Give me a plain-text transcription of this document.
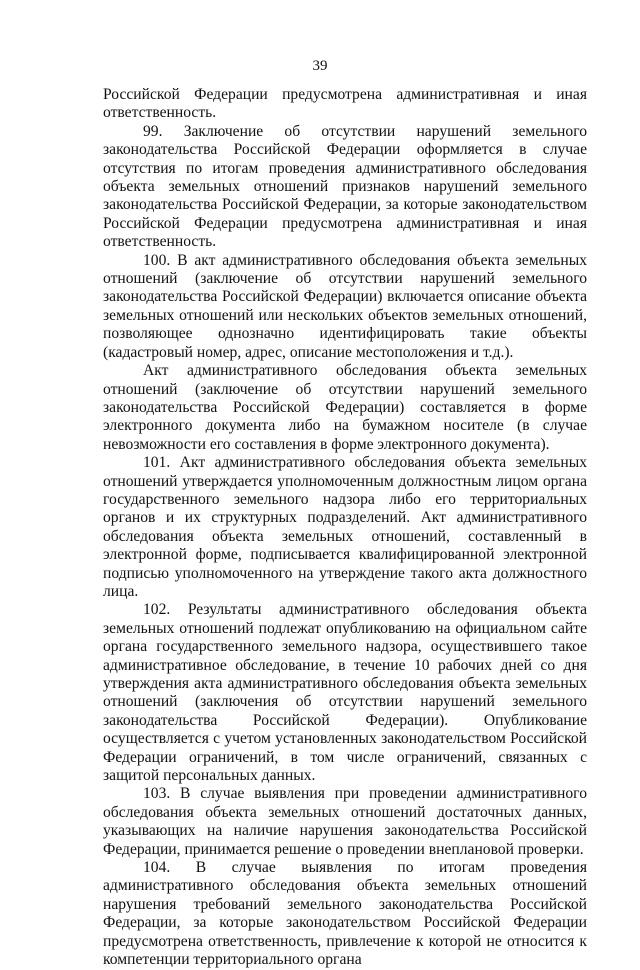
39

Российской Федерации предусмотрена административная и иная ответственность.

99. Заключение об отсутствии нарушений земельного законодательства Российской Федерации оформляется в случае отсутствия по итогам проведения административного обследования объекта земельных отношений признаков нарушений земельного законодательства Российской Федерации, за которые законодательством Российской Федерации предусмотрена административная и иная ответственность.

100. В акт административного обследования объекта земельных отношений (заключение об отсутствии нарушений земельного законодательства Российской Федерации) включается описание объекта земельных отношений или нескольких объектов земельных отношений, позволяющее однозначно идентифицировать такие объекты (кадастровый номер, адрес, описание местоположения и т.д.).

Акт административного обследования объекта земельных отношений (заключение об отсутствии нарушений земельного законодательства Российской Федерации) составляется в форме электронного документа либо на бумажном носителе (в случае невозможности его составления в форме электронного документа).

101. Акт административного обследования объекта земельных отношений утверждается уполномоченным должностным лицом органа государственного земельного надзора либо его территориальных органов и их структурных подразделений. Акт административного обследования объекта земельных отношений, составленный в электронной форме, подписывается квалифицированной электронной подписью уполномоченного на утверждение такого акта должностного лица.

102. Результаты административного обследования объекта земельных отношений подлежат опубликованию на официальном сайте органа государственного земельного надзора, осуществившего такое административное обследование, в течение 10 рабочих дней со дня утверждения акта административного обследования объекта земельных отношений (заключения об отсутствии нарушений земельного законодательства Российской Федерации). Опубликование осуществляется с учетом установленных законодательством Российской Федерации ограничений, в том числе ограничений, связанных с защитой персональных данных.

103. В случае выявления при проведении административного обследования объекта земельных отношений достаточных данных, указывающих на наличие нарушения законодательства Российской Федерации, принимается решение о проведении внеплановой проверки.

104. В случае выявления по итогам проведения административного обследования объекта земельных отношений нарушения требований земельного законодательства Российской Федерации, за которые законодательством Российской Федерации предусмотрена ответственность, привлечение к которой не относится к компетенции территориального органа
